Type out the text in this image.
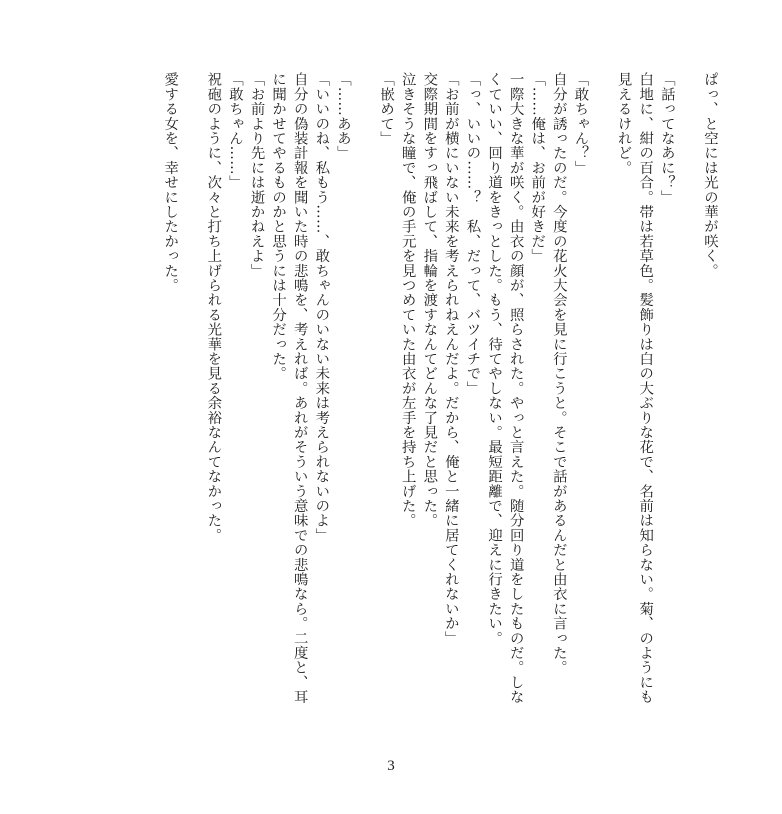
ぱっ、と空には光の華が咲く。

「話ってなあに？」

白地に、紺の百合。帯は若草色。髪飾りは白の大ぶりな花で、名前は知らない。菊、のようにも見えるけれど。

「敢ちゃん？」

自分が誘ったのだ。今度の花火大会を見に行こうと。そこで話があるんだと由衣に言った。

「……俺は、お前が好きだ」

一際大きな華が咲く。由衣の顔が、照らされた。やっと言えた。随分回り道をしたものだ。しなくていい、回り道をきっとした。もう、待てやしない。最短距離で、迎えに行きたい。

「っ、いいの……？　私、だって、バツイチで」

「お前が横にいない未来を考えられねえんだよ。だから、俺と一緒に居てくれないか」

交際期間をすっ飛ばして、指輪を渡すなんてどんな了見だと思った。

泣きそうな瞳で、俺の手元を見つめていた由衣が左手を持ち上げた。

「嵌めて」

「……ああ」

「いいのね、私もう……、敢ちゃんのいない未来は考えられないのよ」

自分の偽装計報を聞いた時の悲鳴を、考えれば。あれがそういう意味での悲鳴なら。二度と、耳に聞かせてやるものかと思うには十分だった。

「お前より先には逝かねえよ」

「敢ちゃん……」

祝砲のように、次々と打ち上げられる光華を見る余裕なんてなかった。

愛する女を、幸せにしたかった。

3
